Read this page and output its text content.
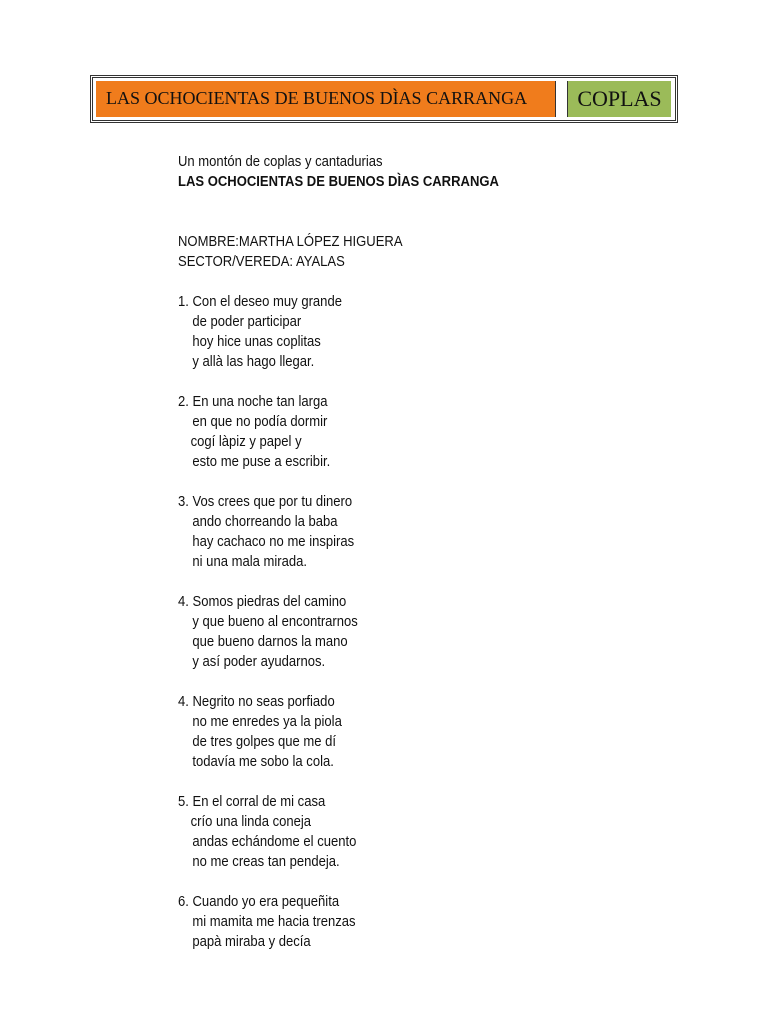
LAS OCHOCIENTAS DE BUENOS DÌAS CARRANGA	COPLAS
Un montón de coplas y cantadurias
LAS OCHOCIENTAS DE BUENOS DÌAS CARRANGA
NOMBRE:MARTHA LÓPEZ HIGUERA
SECTOR/VEREDA: AYALAS
1. Con el deseo muy grande
de poder participar
hoy hice unas coplitas
y allà las hago llegar.
2. En una noche tan larga
en que no podía dormir
cogí làpiz y papel y
esto me puse a escribir.
3. Vos crees que por tu dinero
ando chorreando la baba
hay cachaco no me inspiras
ni una mala mirada.
4. Somos piedras del camino
y que bueno al encontrarnos
que bueno darnos la mano
y así poder ayudarnos.
4. Negrito no seas porfiado
no me enredes ya la piola
de tres golpes que me dí
todavía me sobo la cola.
5. En el corral de mi casa
crío una linda coneja
andas echándome el cuento
no me creas tan pendeja.
6. Cuando yo era pequeñita
mi mamita me hacia trenzas
papà miraba y decía
